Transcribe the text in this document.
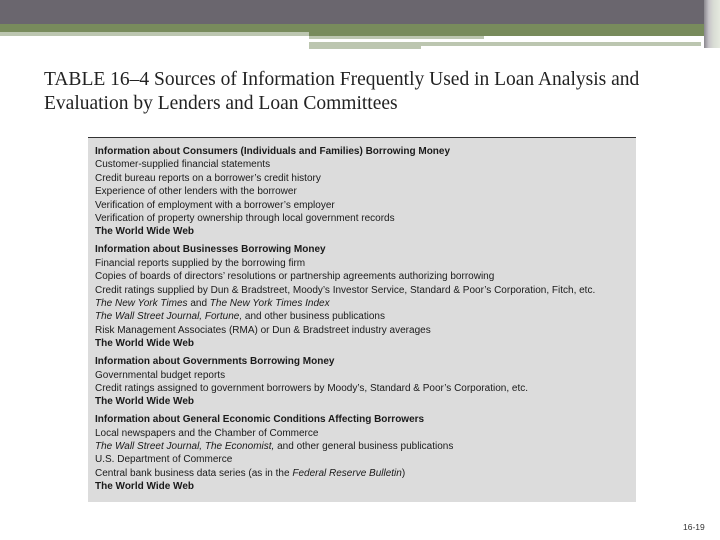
TABLE 16–4 Sources of Information Frequently Used in Loan Analysis and Evaluation by Lenders and Loan Committees
Information about Consumers (Individuals and Families) Borrowing Money
Customer-supplied financial statements
Credit bureau reports on a borrower’s credit history
Experience of other lenders with the borrower
Verification of employment with a borrower’s employer
Verification of property ownership through local government records
The World Wide Web
Information about Businesses Borrowing Money
Financial reports supplied by the borrowing firm
Copies of boards of directors’ resolutions or partnership agreements authorizing borrowing
Credit ratings supplied by Dun & Bradstreet, Moody’s Investor Service, Standard & Poor’s Corporation, Fitch, etc.
The New York Times and The New York Times Index
The Wall Street Journal, Fortune, and other business publications
Risk Management Associates (RMA) or Dun & Bradstreet industry averages
The World Wide Web
Information about Governments Borrowing Money
Governmental budget reports
Credit ratings assigned to government borrowers by Moody’s, Standard & Poor’s Corporation, etc.
The World Wide Web
Information about General Economic Conditions Affecting Borrowers
Local newspapers and the Chamber of Commerce
The Wall Street Journal, The Economist, and other general business publications
U.S. Department of Commerce
Central bank business data series (as in the Federal Reserve Bulletin)
The World Wide Web
16-19
